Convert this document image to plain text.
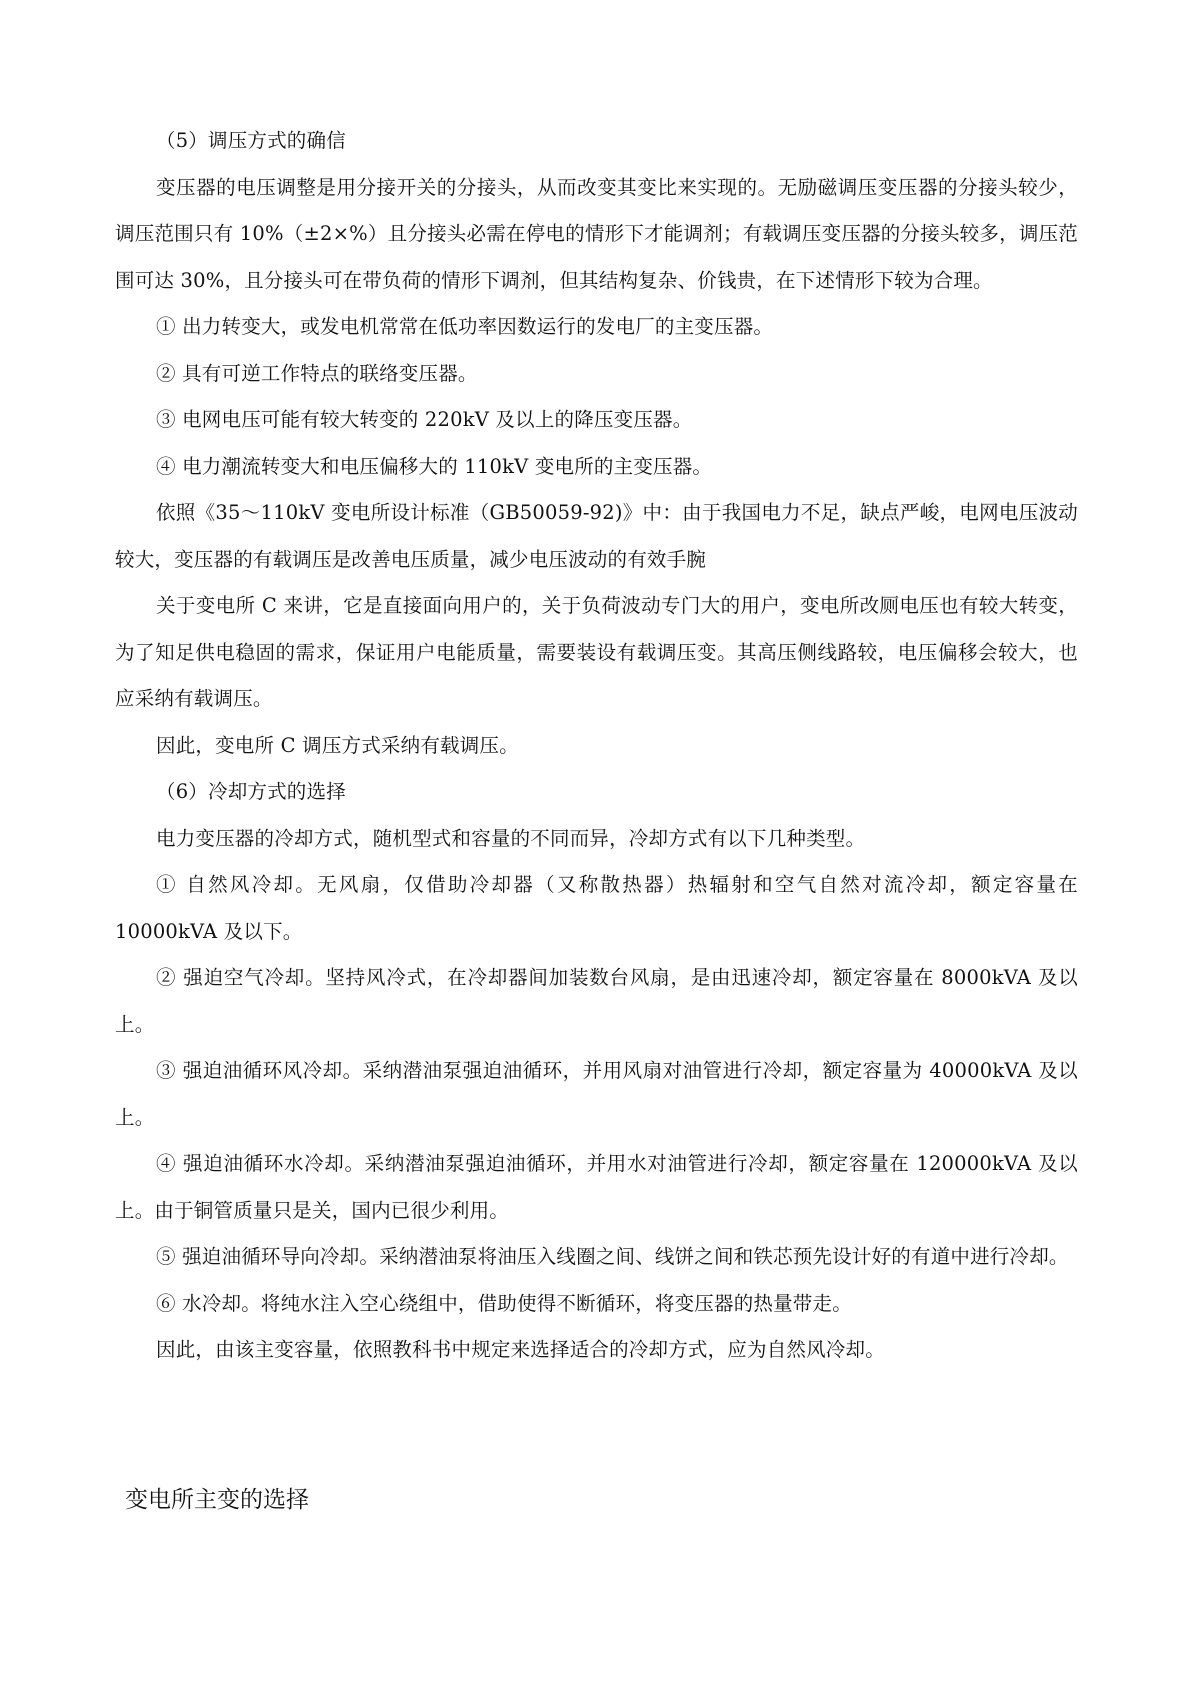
（5）调压方式的确信

变压器的电压调整是用分接开关的分接头，从而改变其变比来实现的。无励磁调压变压器的分接头较少，调压范围只有 10%（±2×%）且分接头必需在停电的情形下才能调剂；有载调压变压器的分接头较多，调压范围可达 30%，且分接头可在带负荷的情形下调剂，但其结构复杂、价钱贵，在下述情形下较为合理。

① 出力转变大，或发电机常常在低功率因数运行的发电厂的主变压器。

② 具有可逆工作特点的联络变压器。

③ 电网电压可能有较大转变的 220kV 及以上的降压变压器。

④ 电力潮流转变大和电压偏移大的 110kV 变电所的主变压器。

依照《35～110kV 变电所设计标准（GB50059-92)》中：由于我国电力不足，缺点严峻，电网电压波动较大，变压器的有载调压是改善电压质量，减少电压波动的有效手腕

关于变电所 C 来讲，它是直接面向用户的，关于负荷波动专门大的用户，变电所改厕电压也有较大转变，为了知足供电稳固的需求，保证用户电能质量，需要装设有载调压变。其高压侧线路较，电压偏移会较大，也应采纳有载调压。

因此，变电所 C 调压方式采纳有载调压。

（6）冷却方式的选择

电力变压器的冷却方式，随机型式和容量的不同而异，冷却方式有以下几种类型。

① 自然风冷却。无风扇，仅借助冷却器（又称散热器）热辐射和空气自然对流冷却，额定容量在 10000kVA 及以下。

② 强迫空气冷却。坚持风冷式，在冷却器间加装数台风扇，是由迅速冷却，额定容量在 8000kVA 及以上。

③ 强迫油循环风冷却。采纳潜油泵强迫油循环，并用风扇对油管进行冷却，额定容量为 40000kVA 及以上。

④ 强迫油循环水冷却。采纳潜油泵强迫油循环，并用水对油管进行冷却，额定容量在 120000kVA 及以上。由于铜管质量只是关，国内已很少利用。

⑤ 强迫油循环导向冷却。采纳潜油泵将油压入线圈之间、线饼之间和铁芯预先设计好的有道中进行冷却。

⑥ 水冷却。将纯水注入空心绕组中，借助使得不断循环，将变压器的热量带走。

因此，由该主变容量，依照教科书中规定来选择适合的冷却方式，应为自然风冷却。

变电所主变的选择
